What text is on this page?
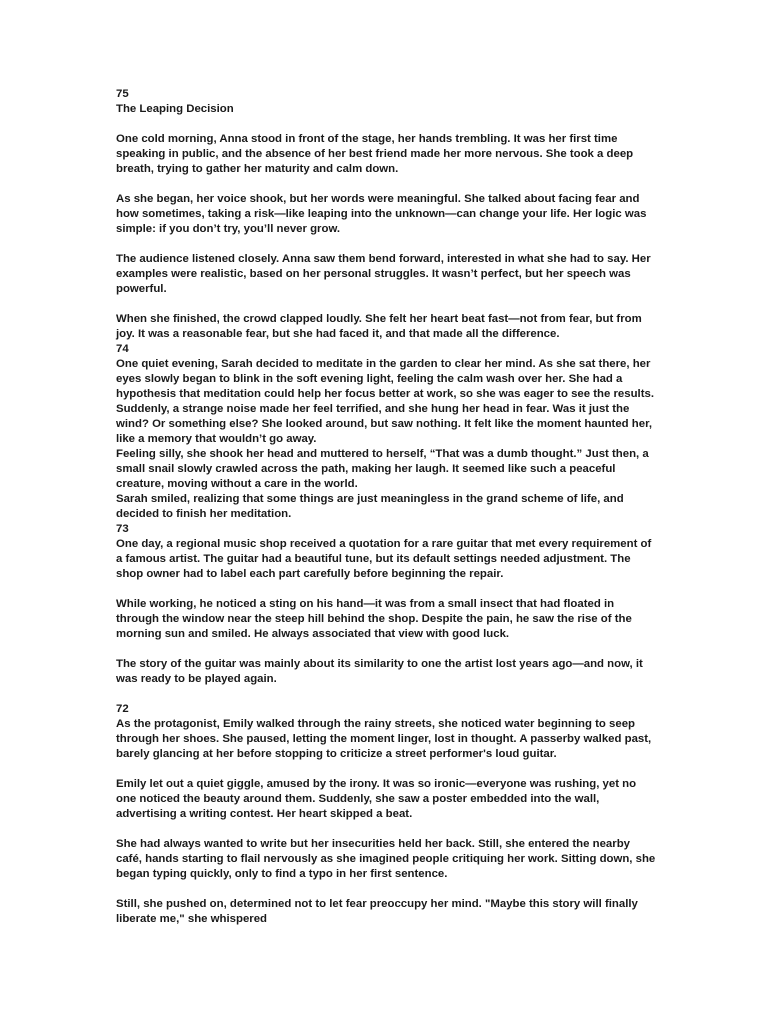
75
The Leaping Decision
One cold morning, Anna stood in front of the stage, her hands trembling. It was her first time
speaking in public, and the absence of her best friend made her more nervous. She took a deep
breath, trying to gather her maturity and calm down.
As she began, her voice shook, but her words were meaningful. She talked about facing fear and
how sometimes, taking a risk—like leaping into the unknown—can change your life. Her logic was
simple: if you don’t try, you’ll never grow.
The audience listened closely. Anna saw them bend forward, interested in what she had to say. Her
examples were realistic, based on her personal struggles. It wasn’t perfect, but her speech was
powerful.
When she finished, the crowd clapped loudly. She felt her heart beat fast—not from fear, but from
joy. It was a reasonable fear, but she had faced it, and that made all the difference.
74
One quiet evening, Sarah decided to meditate in the garden to clear her mind. As she sat there, her
eyes slowly began to blink in the soft evening light, feeling the calm wash over her. She had a
hypothesis that meditation could help her focus better at work, so she was eager to see the results.
Suddenly, a strange noise made her feel terrified, and she hung her head in fear. Was it just the
wind? Or something else? She looked around, but saw nothing. It felt like the moment haunted her,
like a memory that wouldn’t go away.
Feeling silly, she shook her head and muttered to herself, “That was a dumb thought.” Just then, a
small snail slowly crawled across the path, making her laugh. It seemed like such a peaceful
creature, moving without a care in the world.
Sarah smiled, realizing that some things are just meaningless in the grand scheme of life, and
decided to finish her meditation.
73
One day, a regional music shop received a quotation for a rare guitar that met every requirement of
a famous artist. The guitar had a beautiful tune, but its default settings needed adjustment. The
shop owner had to label each part carefully before beginning the repair.
While working, he noticed a sting on his hand—it was from a small insect that had floated in
through the window near the steep hill behind the shop. Despite the pain, he saw the rise of the
morning sun and smiled. He always associated that view with good luck.
The story of the guitar was mainly about its similarity to one the artist lost years ago—and now, it
was ready to be played again.
72
As the protagonist, Emily walked through the rainy streets, she noticed water beginning to seep
through her shoes. She paused, letting the moment linger, lost in thought. A passerby walked past,
barely glancing at her before stopping to criticize a street performer's loud guitar.
Emily let out a quiet giggle, amused by the irony. It was so ironic—everyone was rushing, yet no
one noticed the beauty around them. Suddenly, she saw a poster embedded into the wall,
advertising a writing contest. Her heart skipped a beat.
She had always wanted to write but her insecurities held her back. Still, she entered the nearby
café, hands starting to flail nervously as she imagined people critiquing her work. Sitting down, she
began typing quickly, only to find a typo in her first sentence.
Still, she pushed on, determined not to let fear preoccupy her mind. "Maybe this story will finally
liberate me," she whispered
